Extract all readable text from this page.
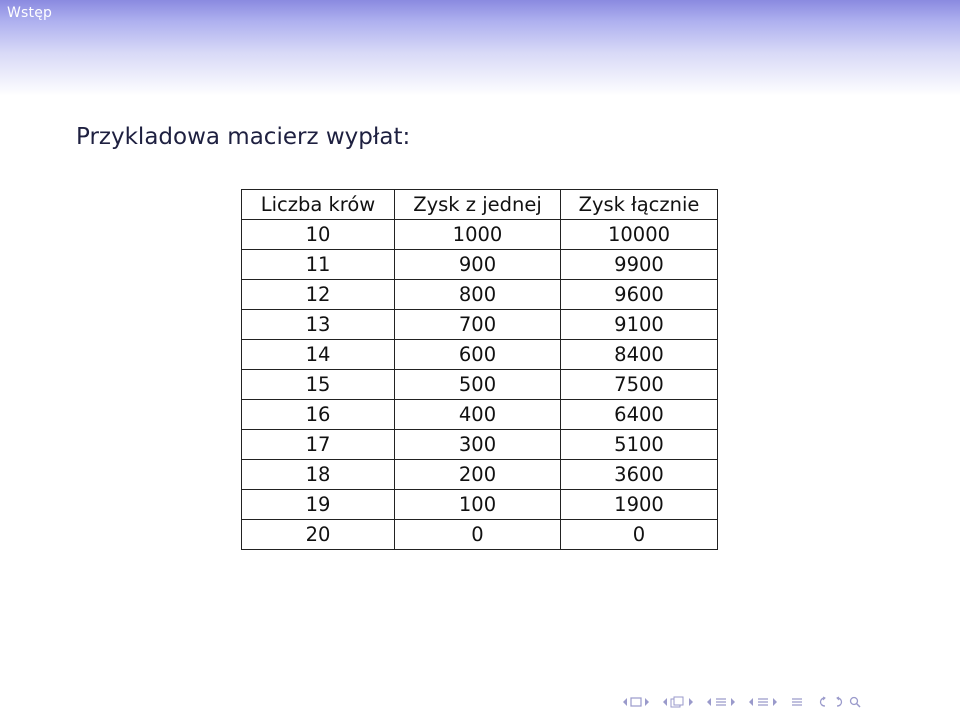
Wstęp
Przykladowa macierz wypłat:
Liczba krów	Zysk z jednej	Zysk łącznie
10	1000	10000
11	900	9900
12	800	9600
13	700	9100
14	600	8400
15	500	7500
16	400	6400
17	300	5100
18	200	3600
19	100	1900
20	0	0
